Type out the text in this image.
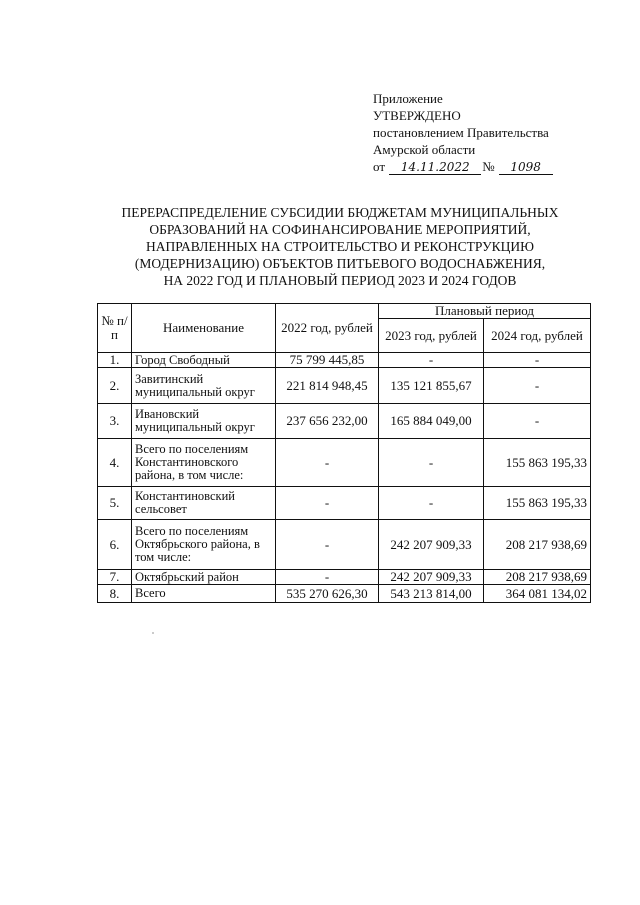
Приложение
УТВЕРЖДЕНО
постановлением Правительства
Амурской области
от 14.11.2022 № 1098
ПЕРЕРАСПРЕДЕЛЕНИЕ СУБСИДИИ БЮДЖЕТАМ МУНИЦИПАЛЬНЫХ
ОБРАЗОВАНИЙ НА СОФИНАНСИРОВАНИЕ МЕРОПРИЯТИЙ,
НАПРАВЛЕННЫХ НА СТРОИТЕЛЬСТВО И РЕКОНСТРУКЦИЮ
(МОДЕРНИЗАЦИЮ) ОБЪЕКТОВ ПИТЬЕВОГО ВОДОСНАБЖЕНИЯ,
НА 2022 ГОД И ПЛАНОВЫЙ ПЕРИОД 2023 И 2024 ГОДОВ
№ п/п	Наименование	2022 год, рублей	Плановый период	
			2023 год, рублей	2024 год, рублей
1.	Город Свободный	75 799 445,85	-	-
2.	Завитинский муниципальный округ	221 814 948,45	135 121 855,67	-
3.	Ивановский муниципальный округ	237 656 232,00	165 884 049,00	-
4.	Всего по поселениям Константиновского района, в том числе:	-	-	155 863 195,33
5.	Константиновский сельсовет	-	-	155 863 195,33
6.	Всего по поселениям Октябрьского района, в том числе:	-	242 207 909,33	208 217 938,69
7.	Октябрьский район	-	242 207 909,33	208 217 938,69
8.	Всего	535 270 626,30	543 213 814,00	364 081 134,02
